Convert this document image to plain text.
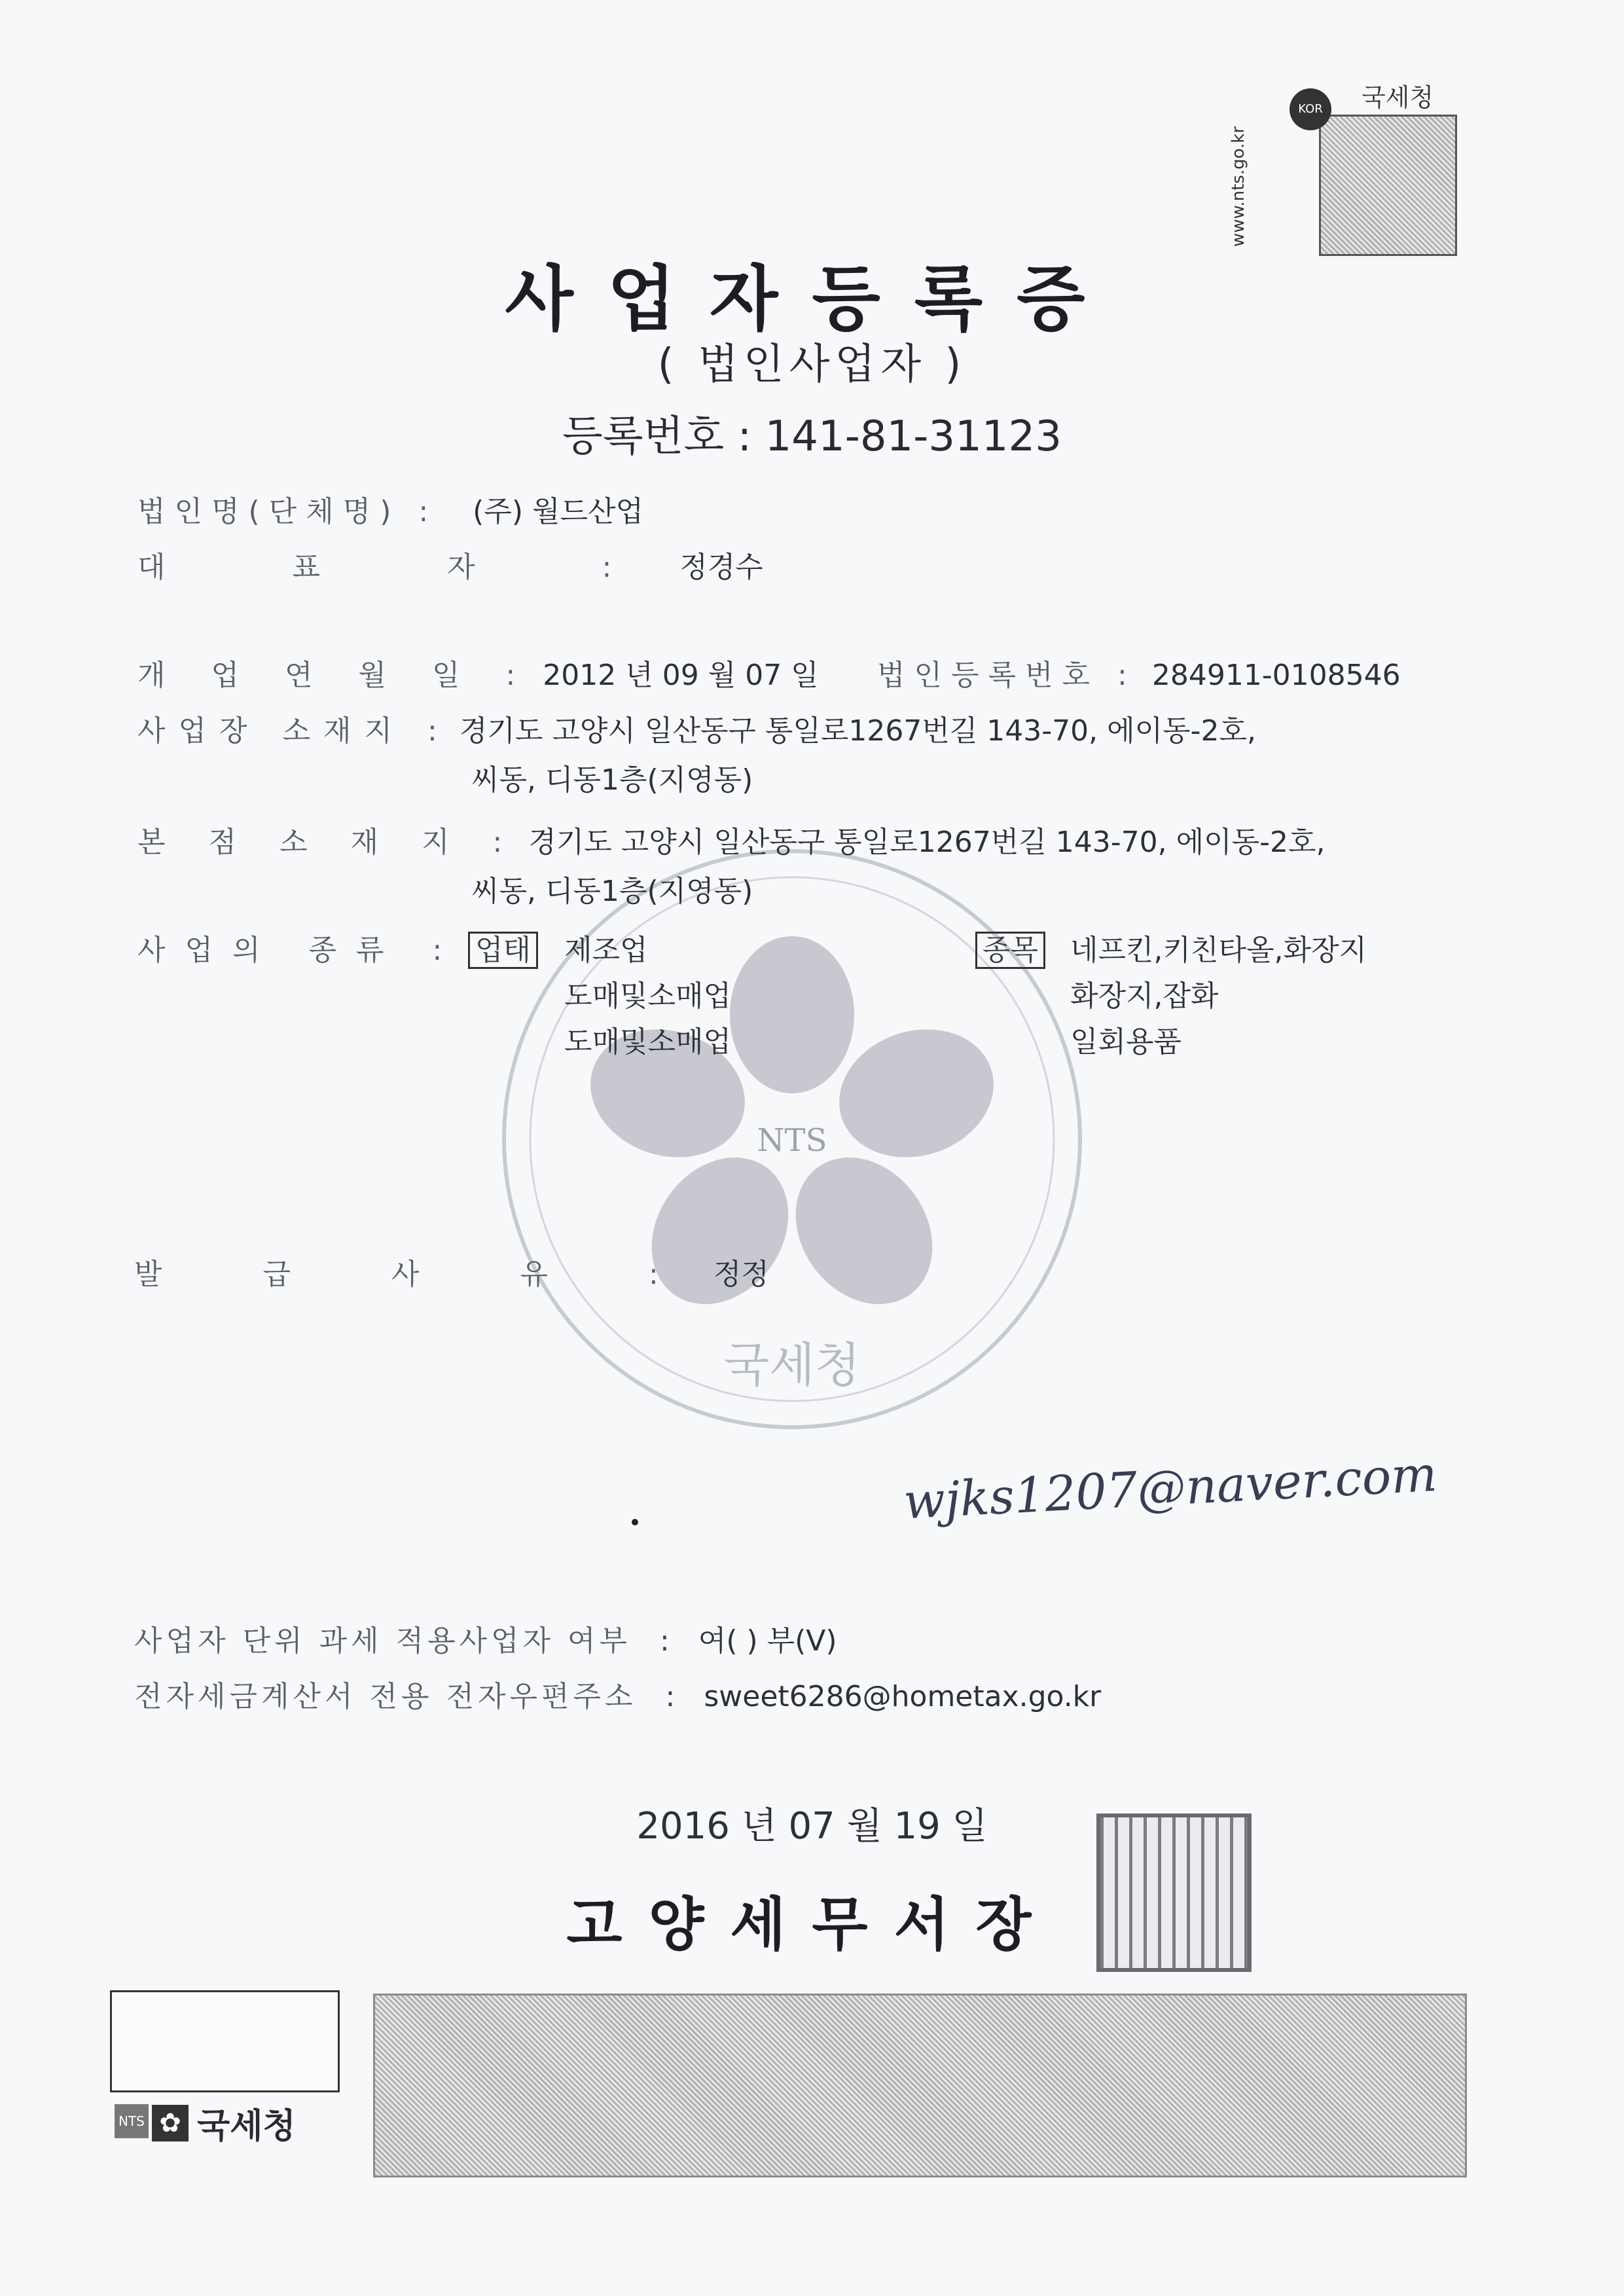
국세청
KOR
www.nts.go.kr
사업자등록증
( 법인사업자 )
등록번호 : 141-81-31123
NTS
국세청
법인명(단체명) : (주) 월드산업
대 표 자 : 정경수
개 업 연 월 일 : 2012 년 09 월 07 일 법인등록번호 : 284911-0108546
사업장 소재지 : 경기도 고양시 일산동구 통일로1267번길 143-70, 에이동-2호,
씨동, 디동1층(지영동)
본 점 소 재 지 : 경기도 고양시 일산동구 통일로1267번길 143-70, 에이동-2호,
씨동, 디동1층(지영동)
사업의 종류 : 업태 제조업
도매및소매업
도매및소매업
종목 네프킨,키친타올,화장지
화장지,잡화
일회용품
발 급 사 유 : 정정
wjks1207@naver.com
사업자 단위 과세 적용사업자 여부 : 여( ) 부(V)
전자세금계산서 전용 전자우편주소 : sweet6286@hometax.go.kr
2016 년 07 월 19 일
고양세무서장
NTS ✿ 국세청
